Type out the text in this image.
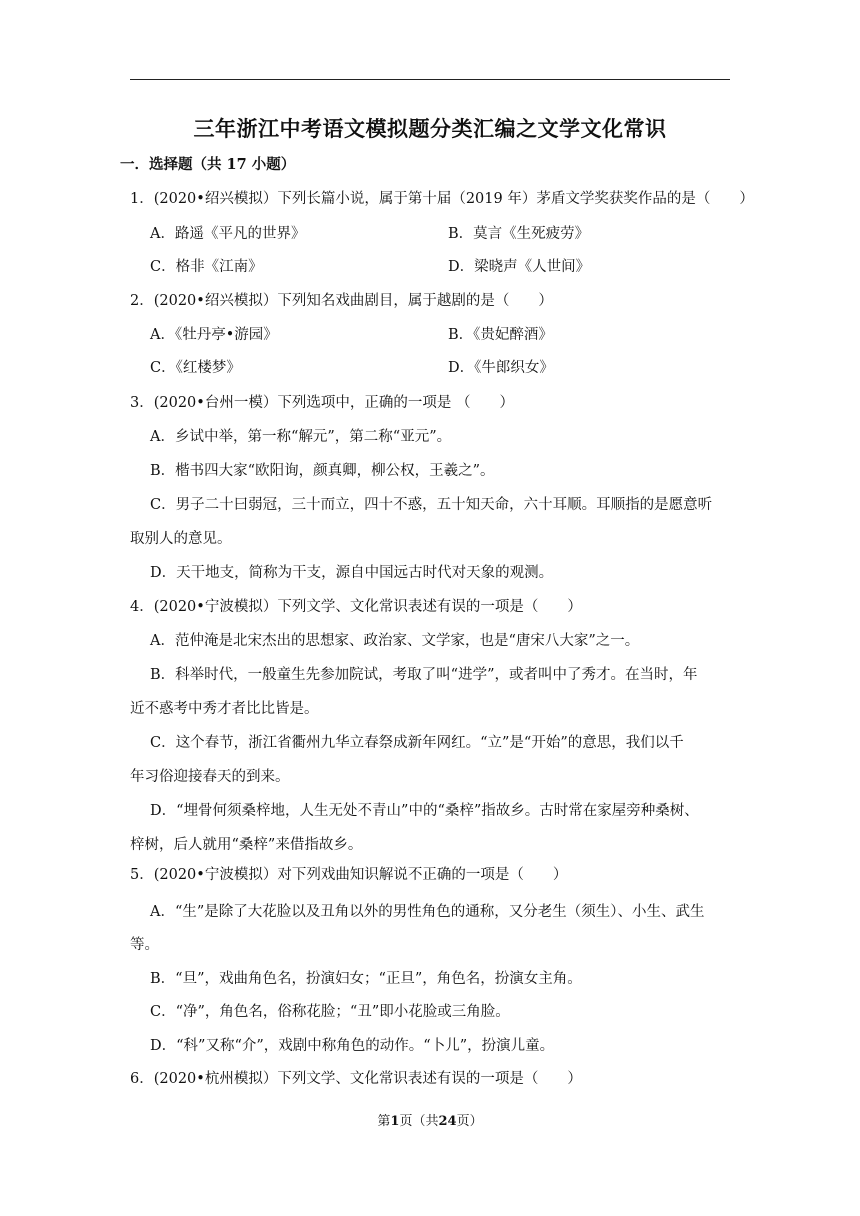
三年浙江中考语文模拟题分类汇编之文学文化常识
一．选择题（共 17 小题）
1．(2020•绍兴模拟）下列长篇小说，属于第十届（2019 年）茅盾文学奖获奖作品的是（　　）
A．路遥《平凡的世界》	B．莫言《生死疲劳》
C．格非《江南》	D．梁晓声《人世间》
2．(2020•绍兴模拟）下列知名戏曲剧目，属于越剧的是（　　）
A．《牡丹亭•游园》	B．《贵妃醉酒》
C．《红楼梦》	D．《牛郎织女》
3．(2020•台州一模）下列选项中，正确的一项是 （　　）
A．乡试中举，第一称“解元”，第二称“亚元”。
B．楷书四大家“欧阳询，颜真卿，柳公权，王羲之”。
C．男子二十曰弱冠，三十而立，四十不惑，五十知天命，六十耳顺。耳顺指的是愿意听
取别人的意见。
D．天干地支，简称为干支，源自中国远古时代对天象的观测。
4．(2020•宁波模拟）下列文学、文化常识表述有误的一项是（　　）
A．范仲淹是北宋杰出的思想家、政治家、文学家，也是“唐宋八大家”之一。
B．科举时代，一般童生先参加院试，考取了叫“进学”，或者叫中了秀才。在当时，年
近不惑考中秀才者比比皆是。
C．这个春节，浙江省衢州九华立春祭成新年网红。“立”是“开始”的意思，我们以千
年习俗迎接春天的到来。
D．“埋骨何须桑梓地，人生无处不青山”中的“桑梓”指故乡。古时常在家屋旁种桑树、
梓树，后人就用“桑梓”来借指故乡。
5．(2020•宁波模拟）对下列戏曲知识解说不正确的一项是（　　）
A．“生”是除了大花脸以及丑角以外的男性角色的通称，又分老生（须生）、小生、武生
等。
B．“旦”，戏曲角色名，扮演妇女；“正旦”，角色名，扮演女主角。
C．“净”，角色名，俗称花脸；“丑”即小花脸或三角脸。
D．“科”又称“介”，戏剧中称角色的动作。“卜儿”，扮演儿童。
6．(2020•杭州模拟）下列文学、文化常识表述有误的一项是（　　）
第1页（共24页）
